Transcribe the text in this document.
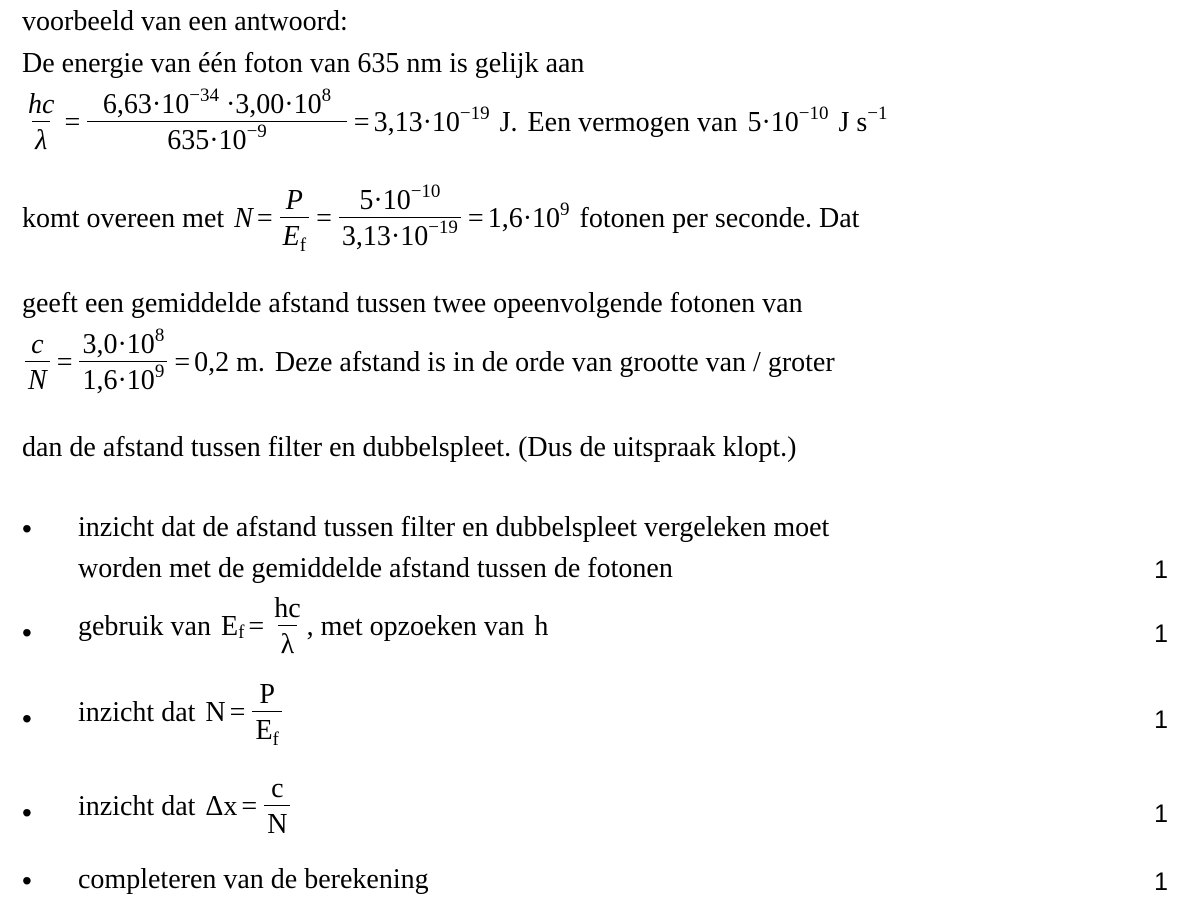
voorbeeld van een antwoord:
De energie van één foton van 635 nm is gelijk aan
$\frac{hc}{\lambda} = \frac{6,63\cdot 10^{-34} \cdot 3,00\cdot 10^8}{635\cdot 10^{-9}} = 3,13\cdot 10^{-19}$ J. Een vermogen van $5\cdot 10^{-10}$ J $s^{-1}$
komt overeen met $N = \frac{P}{E_f} = \frac{5\cdot 10^{-10}}{3,13\cdot 10^{-19}} = 1,6\cdot 10^9$ fotonen per seconde. Dat
geeft een gemiddelde afstand tussen twee opeenvolgende fotonen van
$\frac{c}{N} = \frac{3,0\cdot 10^8}{1,6\cdot 10^9} = 0,2$ m. Deze afstand is in de orde van grootte van / groter
dan de afstand tussen filter en dubbelspleet. (Dus de uitspraak klopt.)
• inzicht dat de afstand tussen filter en dubbelspleet vergeleken moet
worden met de gemiddelde afstand tussen de fotonen	1
• gebruik van $E_f = \frac{hc}{\lambda}$ , met opzoeken van h	1
• inzicht dat $N = \frac{P}{E_f}$	1
• inzicht dat $\Delta x = \frac{c}{N}$	1
• completeren van de berekening	1
